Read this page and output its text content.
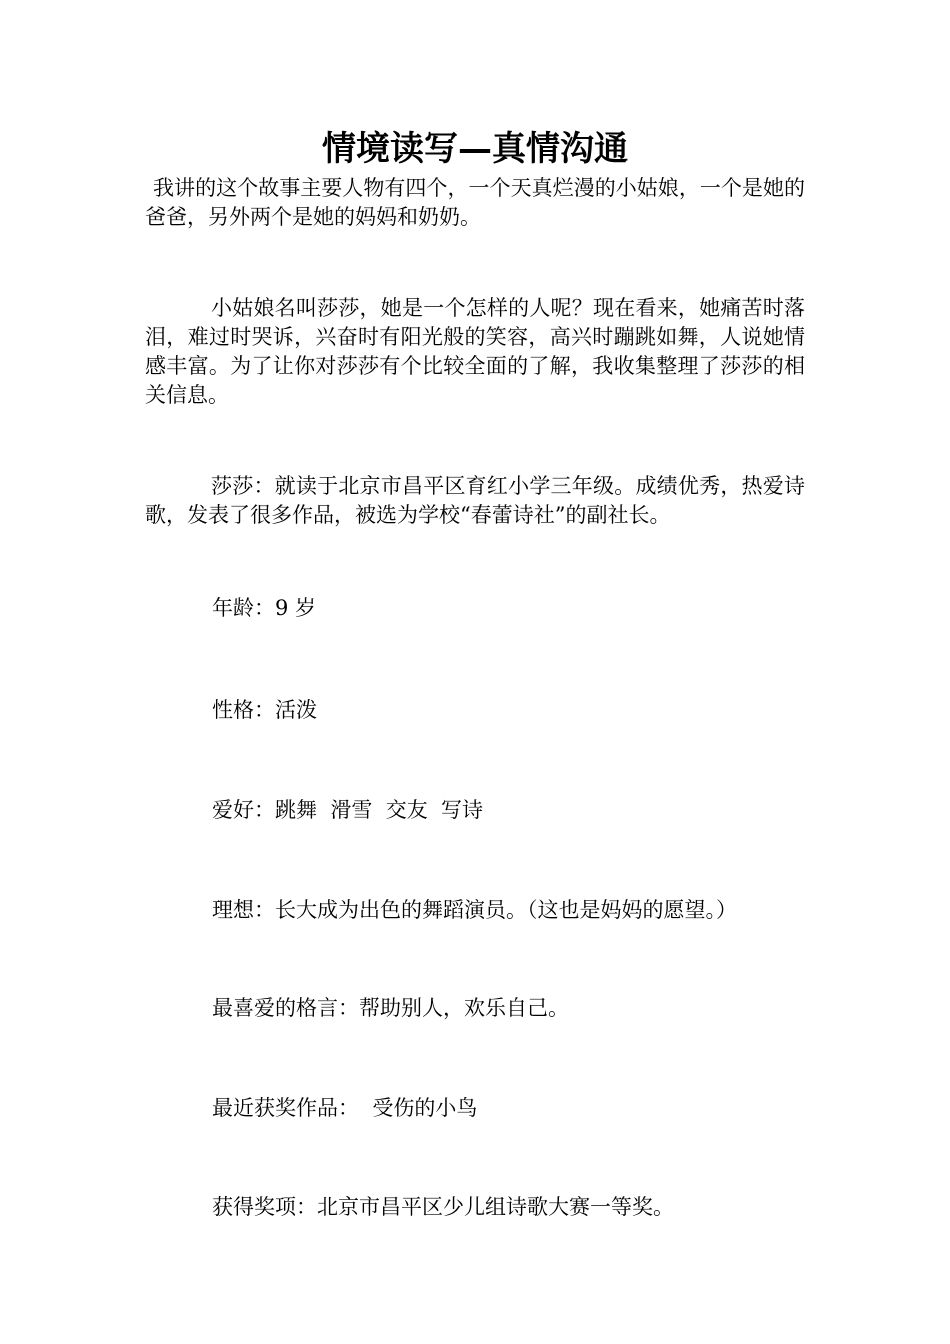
情境读写—真情沟通

我讲的这个故事主要人物有四个，一个天真烂漫的小姑娘，一个是她的爸爸，另外两个是她的妈妈和奶奶。

小姑娘名叫莎莎，她是一个怎样的人呢？现在看来，她痛苦时落泪，难过时哭诉，兴奋时有阳光般的笑容，高兴时蹦跳如舞，人说她情感丰富。为了让你对莎莎有个比较全面的了解，我收集整理了莎莎的相关信息。

莎莎：就读于北京市昌平区育红小学三年级。成绩优秀，热爱诗歌，发表了很多作品，被选为学校“春蕾诗社”的副社长。

年龄：9 岁
性格：活泼
爱好：跳舞  滑雪  交友  写诗
理想：长大成为出色的舞蹈演员。（这也是妈妈的愿望。）
最喜爱的格言：帮助别人，欢乐自己。
最近获奖作品：  受伤的小鸟
获得奖项：北京市昌平区少儿组诗歌大赛一等奖。
